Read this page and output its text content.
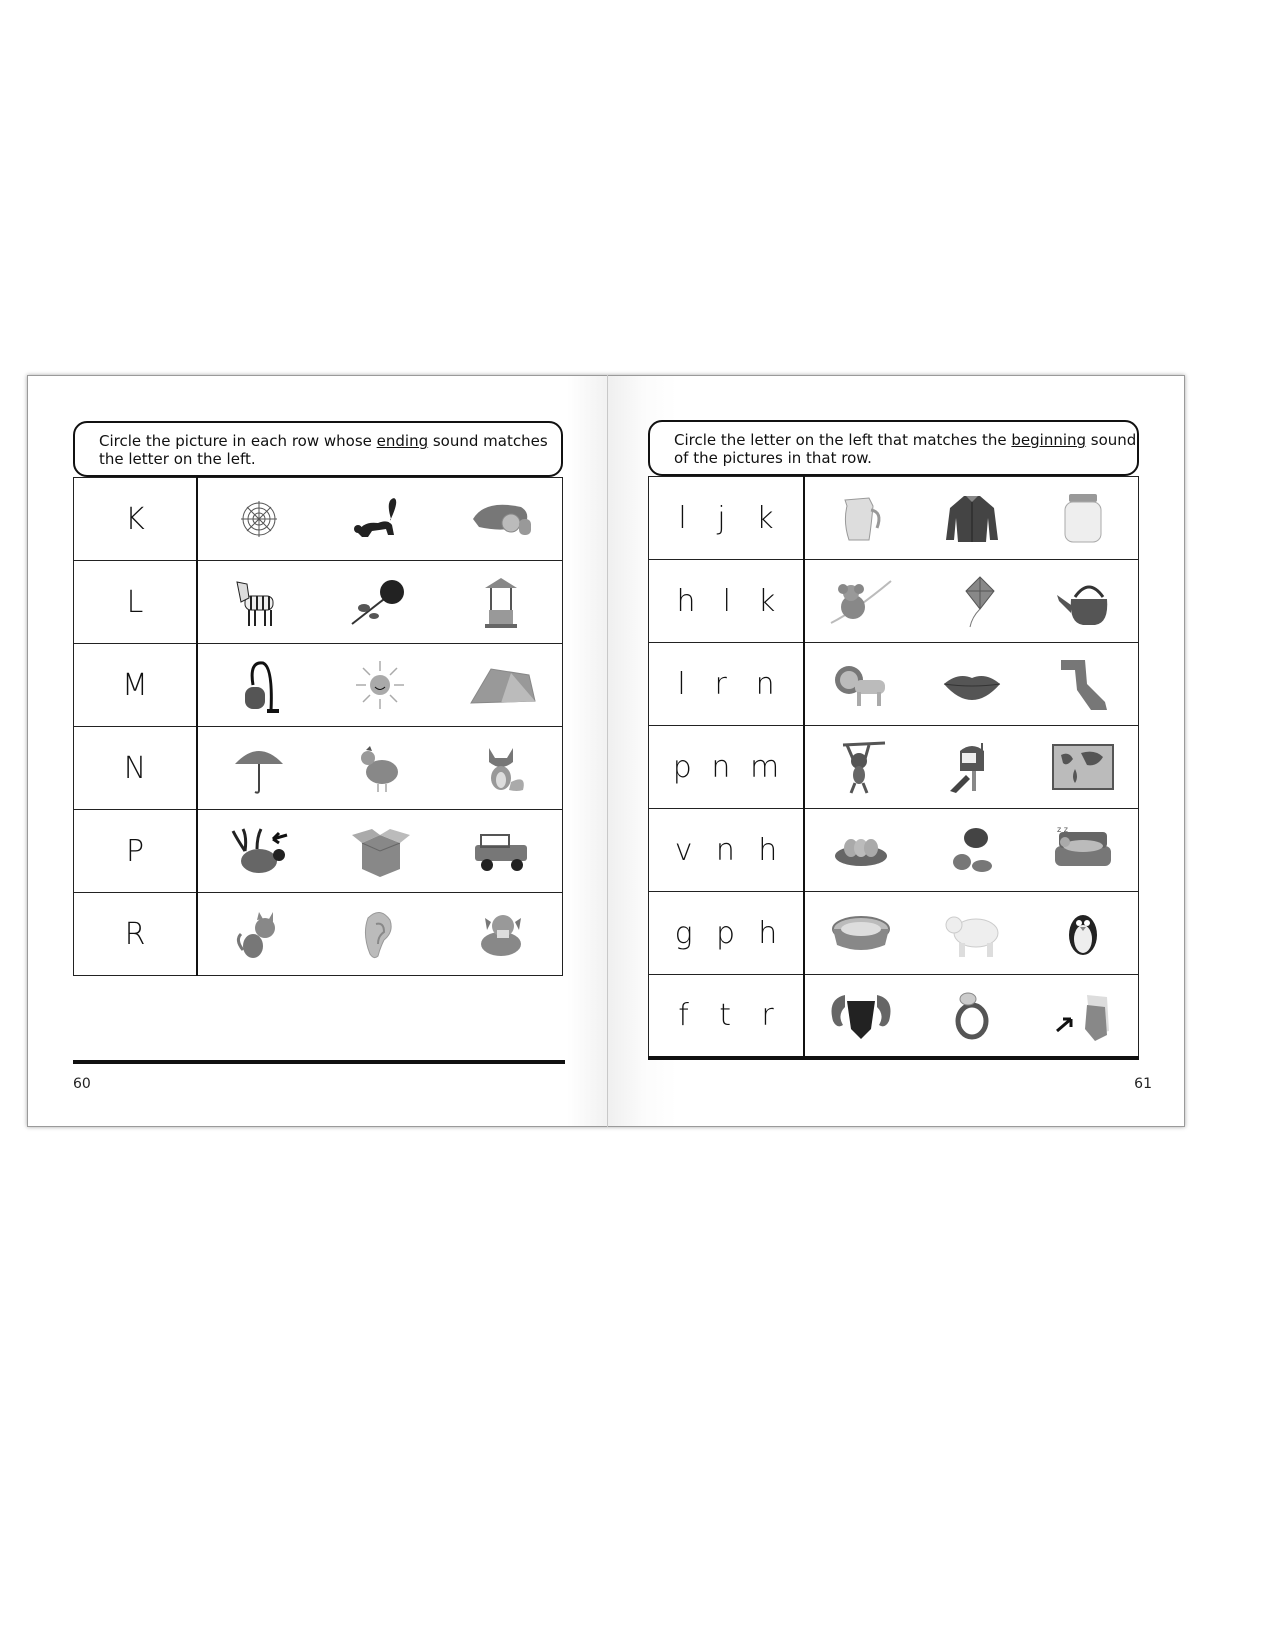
Circle the picture in each row whose ending sound matches the letter on the left.
K	

L	

M	

N	

P	

R	
60
Circle the letter on the left that matches the beginning sound of the pictures in that row.
l j k

h l k

l r n

p n m

v n h	z z

g p h

f t r

61
